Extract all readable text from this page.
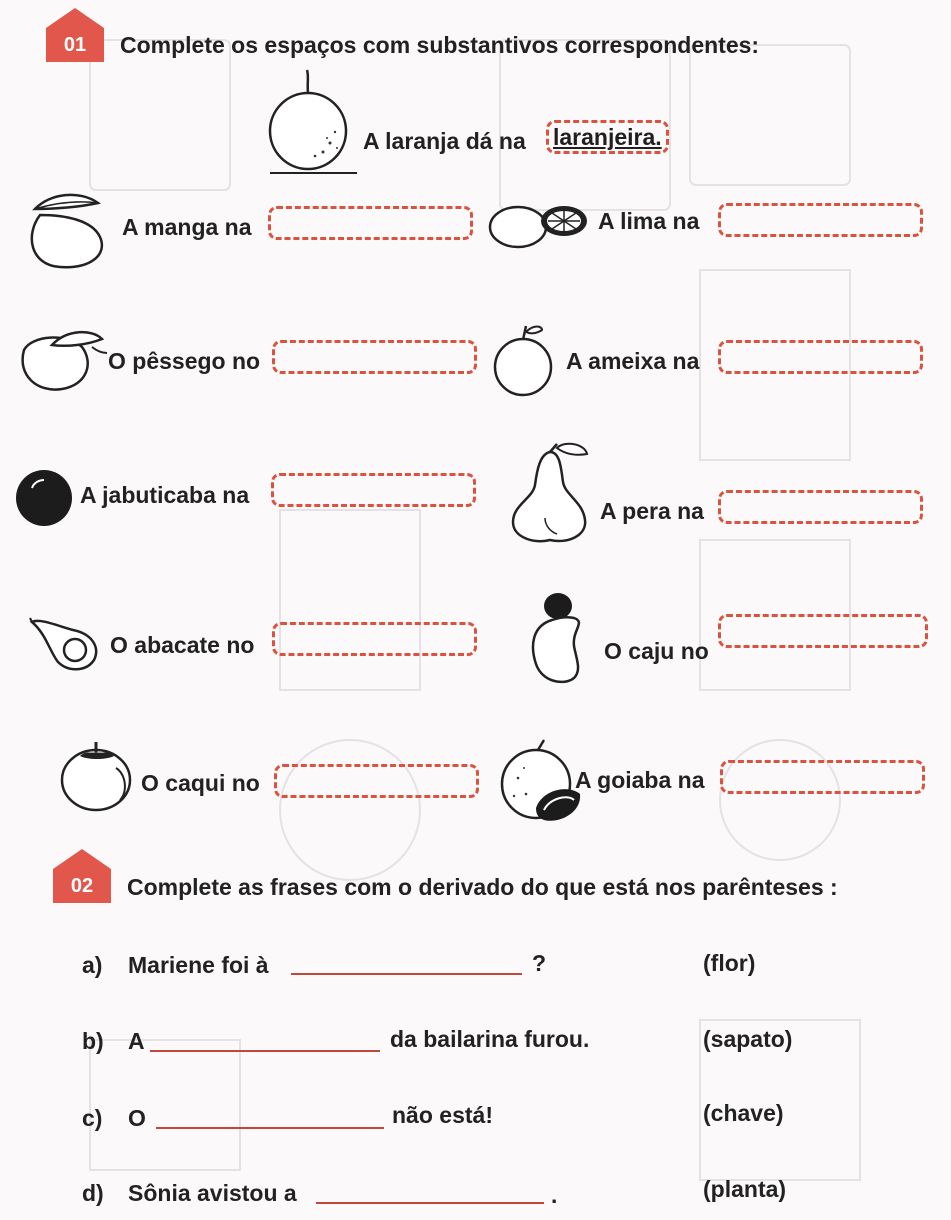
01	Complete os espaços com substantivos correspondentes:
A laranja dá na	laranjeira.
A manga na	A lima na
O pêssego no	A ameixa na
A jabuticaba na
A pera na
O abacate no	O caju no
O caqui no	A goiaba na
02	Complete as frases com o derivado do que está nos parênteses :
a) Mariene foi à	?	(flor)
b) A	da bailarina furou.	(sapato)
c) O	não está!	(chave)
d) Sônia avistou a	.	(planta)
